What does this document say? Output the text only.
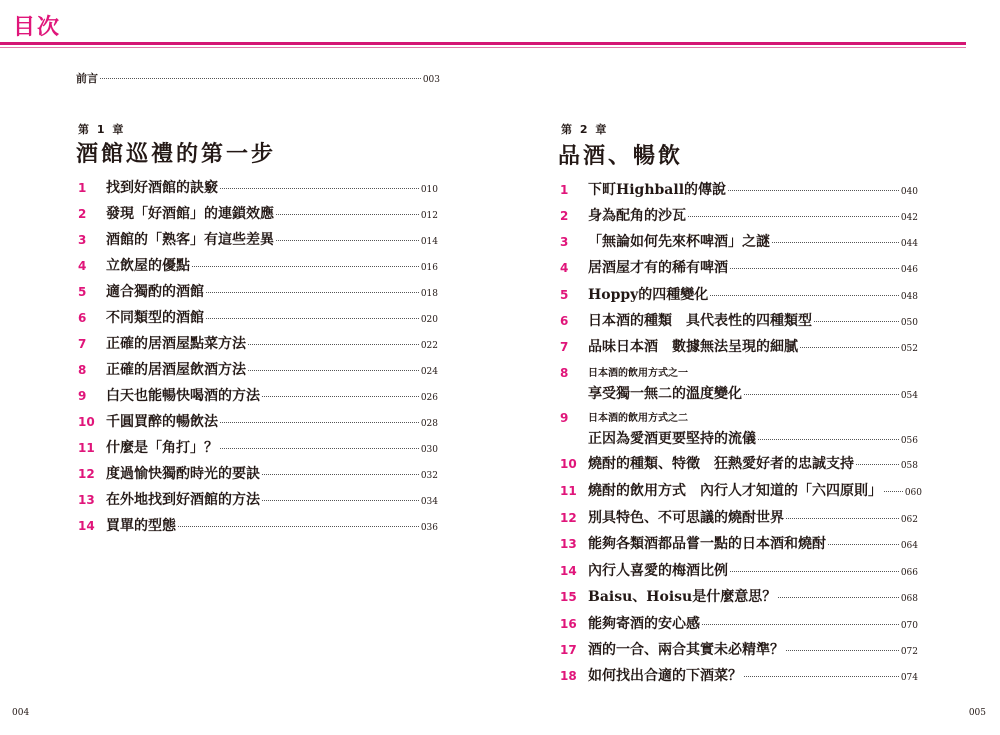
目次
前言	003
第 1 章
酒館巡禮的第一步
1	找到好酒館的訣竅	010
2	發現「好酒館」的連鎖效應	012
3	酒館的「熟客」有這些差異	014
4	立飲屋的優點	016
5	適合獨酌的酒館	018
6	不同類型的酒館	020
7	正確的居酒屋點菜方法	022
8	正確的居酒屋飲酒方法	024
9	白天也能暢快喝酒的方法	026
10 千圓買醉的暢飲法	028
11 什麼是「角打」？	030
12 度過愉快獨酌時光的要訣	032
13 在外地找到好酒館的方法	034
14 買單的型態	036
第 2 章
品酒、暢飲
1	下町Highball的傳說	040
2	身為配角的沙瓦	042
3	「無論如何先來杯啤酒」之謎	044
4	居酒屋才有的稀有啤酒	046
5	Hoppy的四種變化	048
6	日本酒的種類　具代表性的四種類型	050
7	品味日本酒　數據無法呈現的細膩	052
8	日本酒的飲用方式之一
享受獨一無二的溫度變化	054
9	日本酒的飲用方式之二
正因為愛酒更要堅持的流儀	056
10 燒酎的種類、特徵　狂熱愛好者的忠誠支持	058
11 燒酎的飲用方式　內行人才知道的「六四原則」	060
12 別具特色、不可思議的燒酎世界	062
13 能夠各類酒都品嘗一點的日本酒和燒酎	064
14 內行人喜愛的梅酒比例	066
15 Baisu、Hoisu是什麼意思？	068
16 能夠寄酒的安心感	070
17 酒的一合、兩合其實未必精準？	072
18 如何找出合適的下酒菜？	074
004	005
